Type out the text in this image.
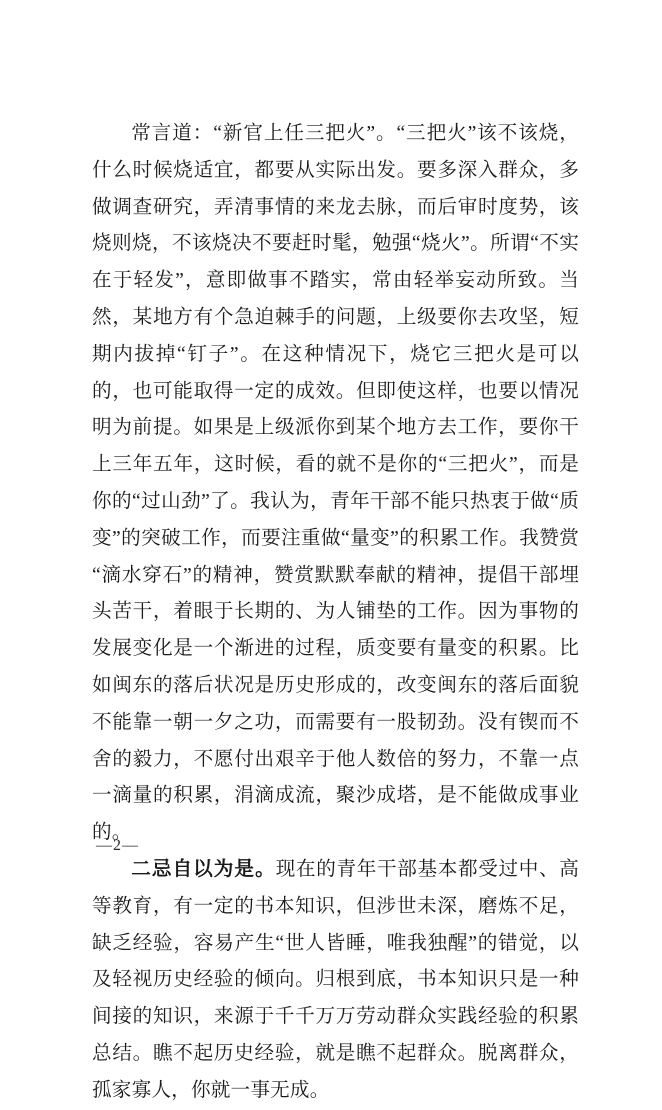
常言道：“新官上任三把火”。“三把火”该不该烧，什么时候烧适宜，都要从实际出发。要多深入群众，多做调查研究，弄清事情的来龙去脉，而后审时度势，该烧则烧，不该烧决不要赶时髦，勉强“烧火”。所谓“不实在于轻发”，意即做事不踏实，常由轻举妄动所致。当然，某地方有个急迫棘手的问题，上级要你去攻坚，短期内拔掉“钉子”。在这种情况下，烧它三把火是可以的，也可能取得一定的成效。但即使这样，也要以情况明为前提。如果是上级派你到某个地方去工作，要你干上三年五年，这时候，看的就不是你的“三把火”，而是你的“过山劲”了。我认为，青年干部不能只热衷于做“质变”的突破工作，而要注重做“量变”的积累工作。我赞赏“滴水穿石”的精神，赞赏默默奉献的精神，提倡干部埋头苦干，着眼于长期的、为人铺垫的工作。因为事物的发展变化是一个渐进的过程，质变要有量变的积累。比如闽东的落后状况是历史形成的，改变闽东的落后面貌不能靠一朝一夕之功，而需要有一股韧劲。没有锲而不舍的毅力，不愿付出艰辛于他人数倍的努力，不靠一点一滴量的积累，涓滴成流，聚沙成塔，是不能做成事业的。

二忌自以为是。现在的青年干部基本都受过中、高等教育，有一定的书本知识，但涉世未深，磨炼不足，缺乏经验，容易产生“世人皆睡，唯我独醒”的错觉，以及轻视历史经验的倾向。归根到底，书本知识只是一种间接的知识，来源于千千万万劳动群众实践经验的积累总结。瞧不起历史经验，就是瞧不起群众。脱离群众，孤家寡人，你就一事无成。

—2—
